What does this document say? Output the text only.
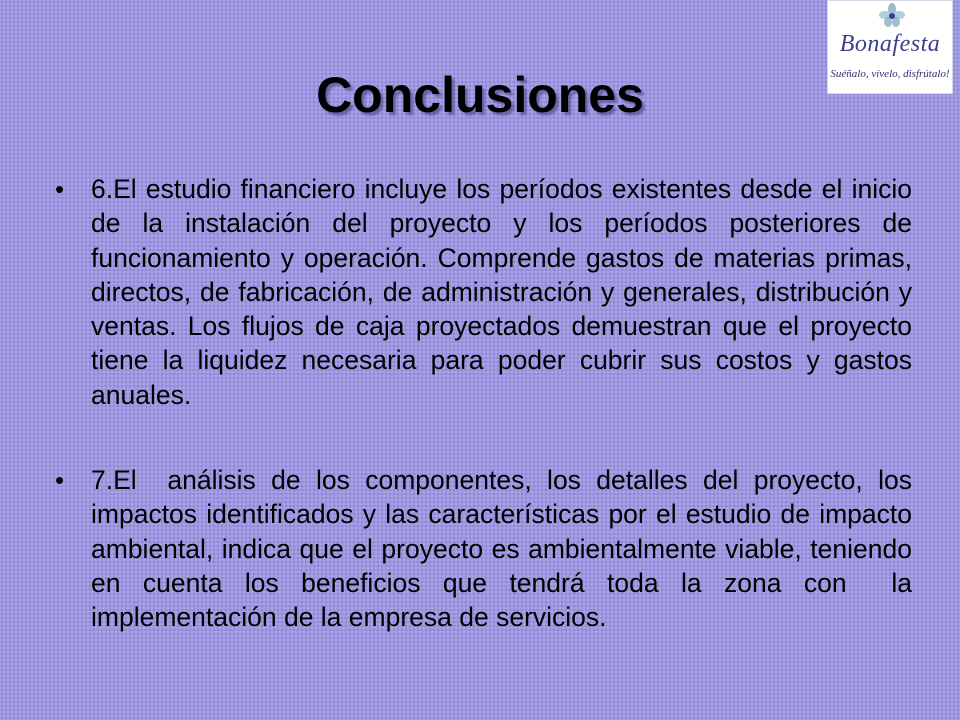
Conclusiones
Bonafesta
Suéñalo, vívelo, disfrútalo!
• 6.El estudio financiero incluye los períodos existentes desde el inicio de la instalación del proyecto y los períodos posteriores de funcionamiento y operación. Comprende gastos de materias primas, directos, de fabricación, de administración y generales, distribución y ventas. Los flujos de caja proyectados demuestran que el proyecto tiene la liquidez necesaria para poder cubrir sus costos y gastos anuales.
• 7.El  análisis de los componentes, los detalles del proyecto, los impactos identificados y las características por el estudio de impacto ambiental, indica que el proyecto es ambientalmente viable, teniendo en cuenta los beneficios que tendrá toda la zona con  la implementación de la empresa de servicios.
